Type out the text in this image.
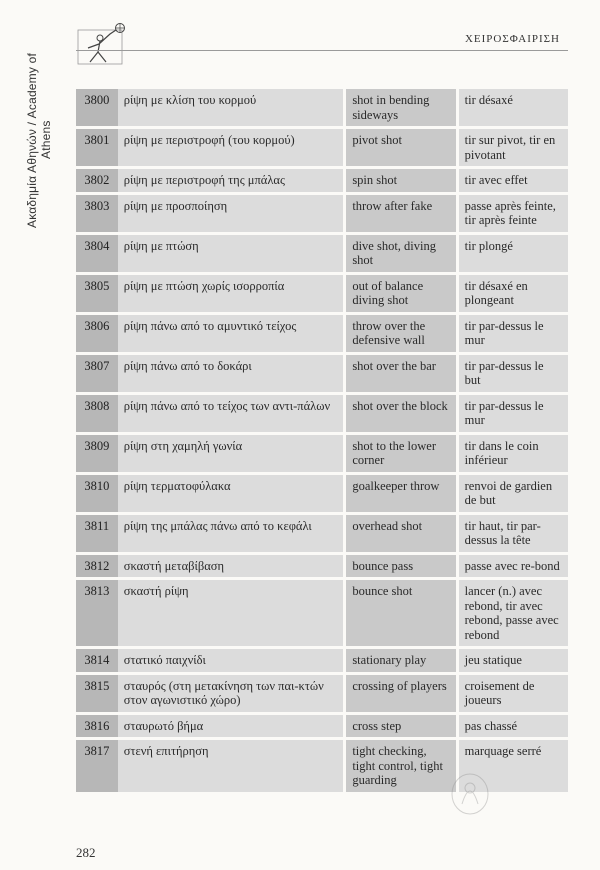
Ακαδημία Αθηνών / Academy of Athens
ΧΕΙΡΟΣΦΑΙΡΙΣΗ
3800	ρίψη με κλίση του κορμού	shot in bending sideways	tir désaxé
3801	ρίψη με περιστροφή (του κορμού)	pivot shot	tir sur pivot, tir en pivotant
3802	ρίψη με περιστροφή της μπάλας	spin shot	tir avec effet
3803	ρίψη με προσποίηση	throw after fake	passe après feinte, tir après feinte
3804	ρίψη με πτώση	dive shot, diving shot	tir plongé
3805	ρίψη με πτώση χωρίς ισορροπία	out of balance diving shot	tir désaxé en plongeant
3806	ρίψη πάνω από το αμυντικό τείχος	throw over the defensive wall	tir par-dessus le mur
3807	ρίψη πάνω από το δοκάρι	shot over the bar	tir par-dessus le but
3808	ρίψη πάνω από το τείχος των αντι-πάλων	shot over the block	tir par-dessus le mur
3809	ρίψη στη χαμηλή γωνία	shot to the lower corner	tir dans le coin inférieur
3810	ρίψη τερματοφύλακα	goalkeeper throw	renvoi de gardien de but
3811	ρίψη της μπάλας πάνω από το κεφάλι	overhead shot	tir haut, tir par-dessus la tête
3812	σκαστή μεταβίβαση	bounce pass	passe avec re-bond
3813	σκαστή ρίψη	bounce shot	lancer (n.) avec rebond, tir avec rebond, passe avec rebond
3814	στατικό παιχνίδι	stationary play	jeu statique
3815	σταυρός (στη μετακίνηση των παι-κτών στον αγωνιστικό χώρο)	crossing of players	croisement de joueurs
3816	σταυρωτό βήμα	cross step	pas chassé
3817	στενή επιτήρηση	tight checking, tight control, tight guarding	marquage serré
282
